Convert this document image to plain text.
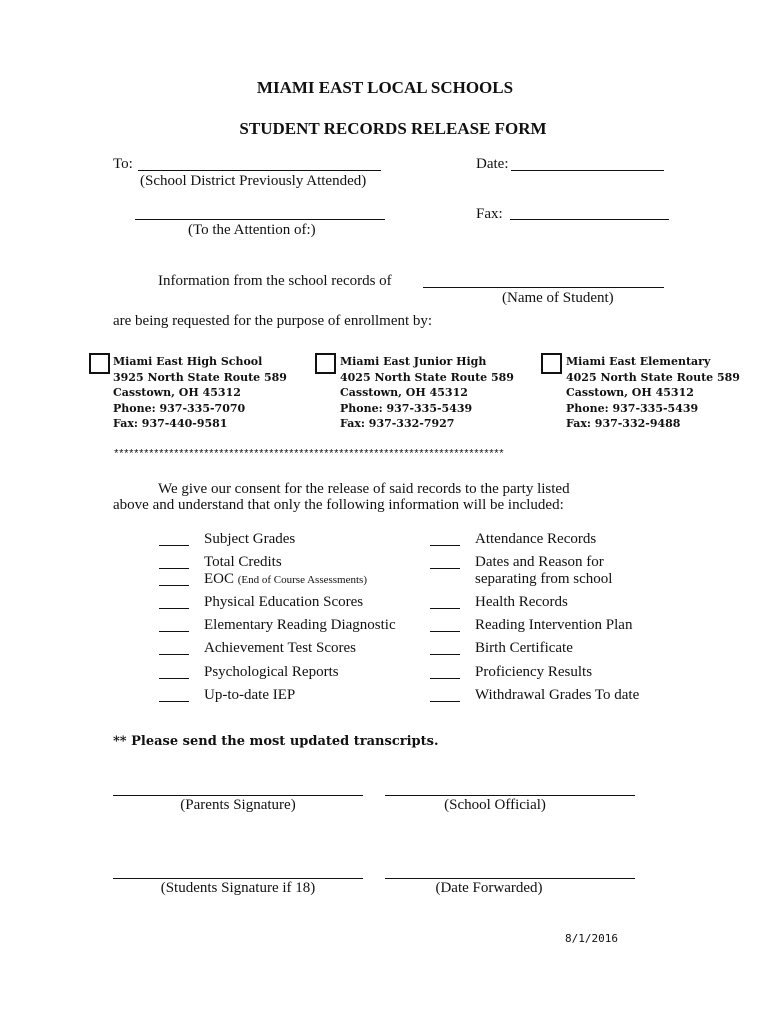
MIAMI EAST LOCAL SCHOOLS
STUDENT RECORDS RELEASE FORM
To:
(School District Previously Attended)
Date:
(To the Attention of:)
Fax:
Information from the school records of
(Name of Student)
are being requested for the purpose of enrollment by:
Miami East High School
3925 North State Route 589
Casstown, OH 45312
Phone: 937-335-7070
Fax: 937-440-9581
Miami East Junior High
4025 North State Route 589
Casstown, OH 45312
Phone: 937-335-5439
Fax: 937-332-7927
Miami East Elementary
4025 North State Route 589
Casstown, OH 45312
Phone: 937-335-5439
Fax: 937-332-9488
******************************************************************************
We give our consent for the release of said records to the party listed
above and understand that only the following information will be included:
Subject Grades
Total Credits
EOC (End of Course Assessments)
Physical Education Scores
Elementary Reading Diagnostic
Achievement Test Scores
Psychological Reports
Up-to-date IEP
Attendance Records
Dates and Reason for
separating from school
Health Records
Reading Intervention Plan
Birth Certificate
Proficiency Results
Withdrawal Grades To date
** Please send the most updated transcripts.
(Parents Signature)	(School Official)
(Students Signature if 18)	(Date Forwarded)
8/1/2016
